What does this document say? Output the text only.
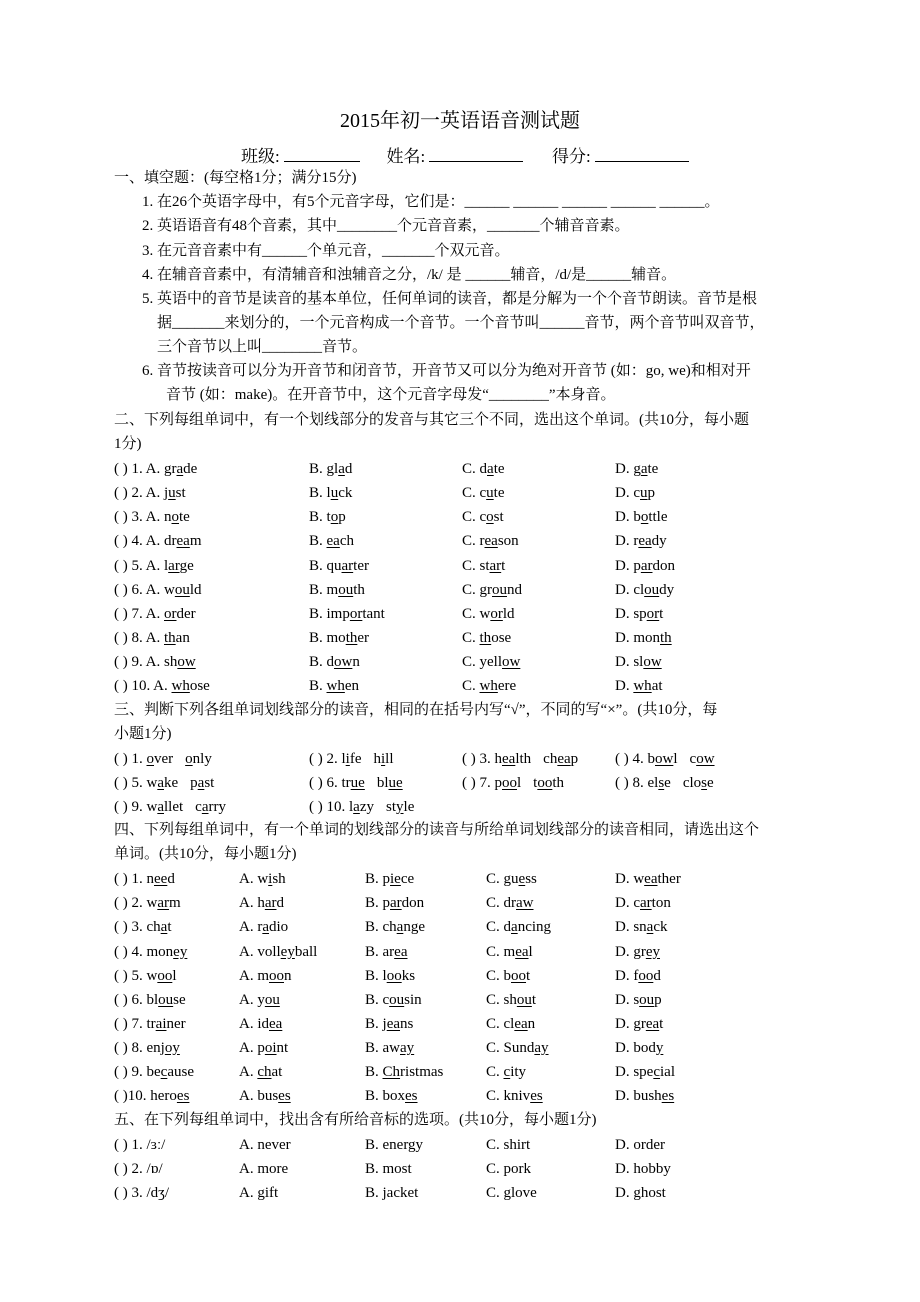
2015年初一英语语音测试题
班级:	姓名:	得分:
一、填空题：(每空格1分；满分15分)
1. 在26个英语字母中，有5个元音字母，它们是：______ ______ ______ ______ ______。
2. 英语语音有48个音素，其中________个元音音素，_______个辅音音素。
3. 在元音音素中有______个单元音，_______个双元音。
4. 在辅音音素中，有清辅音和浊辅音之分，/k/ 是 ______辅音，/d/是______辅音。
5. 英语中的音节是读音的基本单位，任何单词的读音，都是分解为一个个音节朗读。音节是根
据_______来划分的，一个元音构成一个音节。一个音节叫______音节，两个音节叫双音节，
三个音节以上叫________音节。
6. 音节按读音可以分为开音节和闭音节，开音节又可以分为绝对开音节 (如：go, we)和相对开
音节 (如：make)。在开音节中，这个元音字母发“________”本身音。
二、下列每组单词中，有一个划线部分的发音与其它三个不同，选出这个单词。(共10分，每小题
1分)
( ) 1. A. grade	B. glad	C. date	D. gate
( ) 2. A. just	B. luck	C. cute	D. cup
( ) 3. A. note	B. top	C. cost	D. bottle
( ) 4. A. dream	B. each	C. reason	D. ready
( ) 5. A. large	B. quarter	C. start	D. pardon
( ) 6. A. would	B. mouth	C. ground	D. cloudy
( ) 7. A. order	B. important	C. world	D. sport
( ) 8. A. than	B. mother	C. those	D. month
( ) 9. A. show	B. down	C. yellow	D. slow
( ) 10. A. whose	B. when	C. where	D. what
三、判断下列各组单词划线部分的读音，相同的在括号内写“√”，不同的写“×”。(共10分，每
小题1分)
( ) 1. over only	( ) 2. life hill	( ) 3. health cheap ( ) 4. bowl cow
( ) 5. wake past	( ) 6. true blue	( ) 7. pool tooth	( ) 8. else close
( ) 9. wallet carry	( ) 10. lazy style
四、下列每组单词中，有一个单词的划线部分的读音与所给单词划线部分的读音相同，请选出这个
单词。(共10分，每小题1分)
( ) 1. need	A. wish	B. piece	C. guess	D. weather
( ) 2. warm	A. hard	B. pardon	C. draw	D. carton
( ) 3. chat	A. radio	B. change	C. dancing	D. snack
( ) 4. money	A. volleyball	B. area	C. meal	D. grey
( ) 5. wool	A. moon	B. looks	C. boot	D. food
( ) 6. blouse	A. you	B. cousin	C. shout	D. soup
( ) 7. trainer	A. idea	B. jeans	C. clean	D. great
( ) 8. enjoy	A. point	B. away	C. Sunday	D. body
( ) 9. because	A. chat	B. Christmas	C. city	D. special
( )10. heroes	A. buses	B. boxes	C. knives	D. bushes
五、在下列每组单词中，找出含有所给音标的选项。(共10分，每小题1分)
( ) 1. /ɜː/	A. never	B. energy	C. shirt	D. order
( ) 2. /ɒ/	A. more	B. most	C. pork	D. hobby
( ) 3. /dʒ/	A. gift	B. jacket	C. glove	D. ghost
